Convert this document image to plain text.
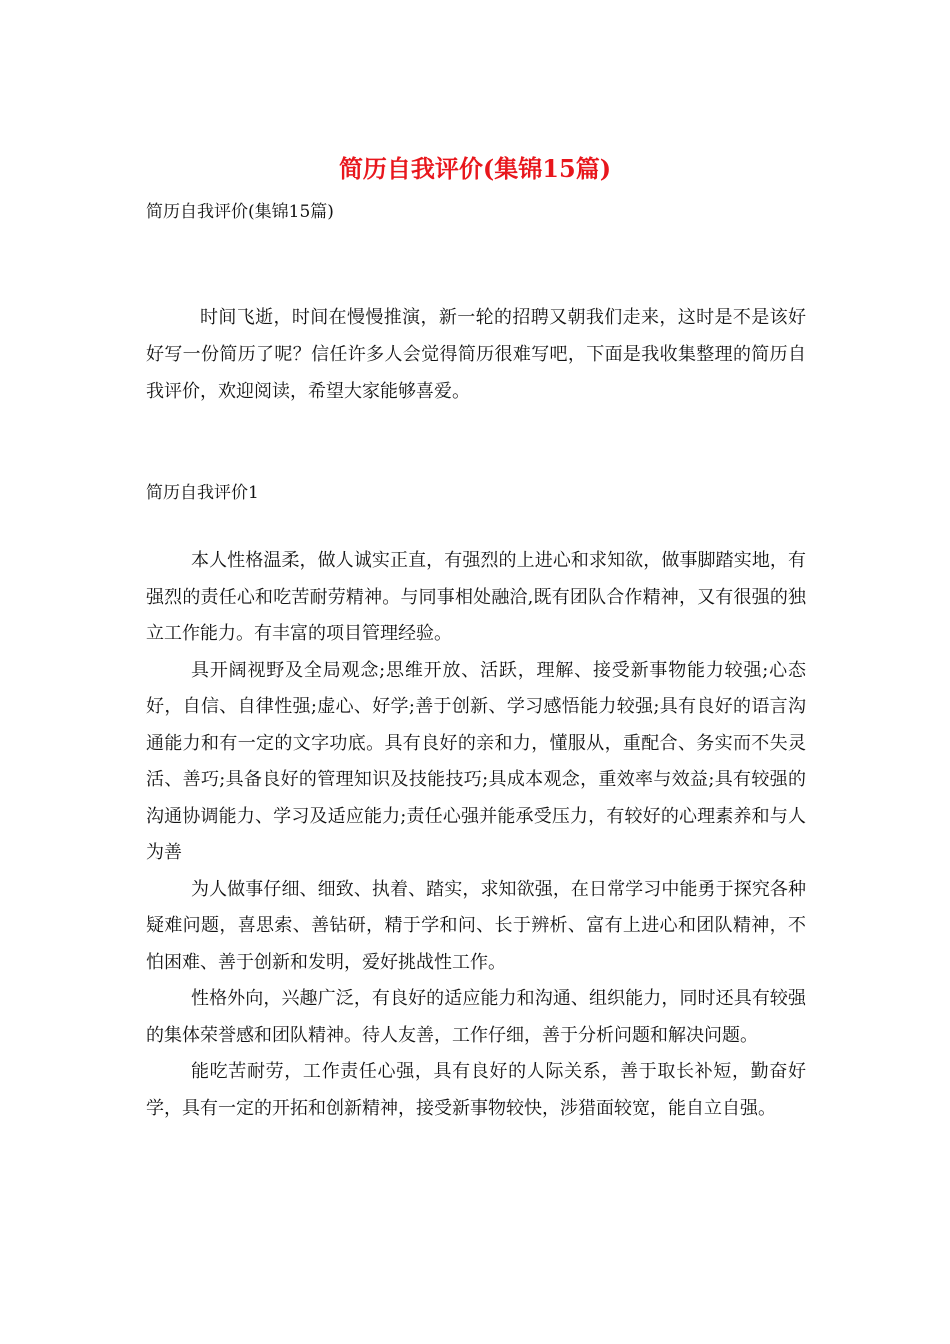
简历自我评价(集锦15篇)

简历自我评价(集锦15篇)

时间飞逝，时间在慢慢推演，新一轮的招聘又朝我们走来，这时是不是该好好写一份简历了呢？信任许多人会觉得简历很难写吧，下面是我收集整理的简历自我评价，欢迎阅读，希望大家能够喜爱。

简历自我评价1

本人性格温柔，做人诚实正直，有强烈的上进心和求知欲，做事脚踏实地，有强烈的责任心和吃苦耐劳精神。与同事相处融洽,既有团队合作精神，又有很强的独立工作能力。有丰富的项目管理经验。

具开阔视野及全局观念;思维开放、活跃，理解、接受新事物能力较强;心态好，自信、自律性强;虚心、好学;善于创新、学习感悟能力较强;具有良好的语言沟通能力和有一定的文字功底。具有良好的亲和力，懂服从，重配合、务实而不失灵活、善巧;具备良好的管理知识及技能技巧;具成本观念，重效率与效益;具有较强的沟通协调能力、学习及适应能力;责任心强并能承受压力，有较好的心理素养和与人为善

为人做事仔细、细致、执着、踏实，求知欲强，在日常学习中能勇于探究各种疑难问题，喜思索、善钻研，精于学和问、长于辨析、富有上进心和团队精神，不怕困难、善于创新和发明，爱好挑战性工作。

性格外向，兴趣广泛，有良好的适应能力和沟通、组织能力，同时还具有较强的集体荣誉感和团队精神。待人友善，工作仔细，善于分析问题和解决问题。

能吃苦耐劳，工作责任心强，具有良好的人际关系，善于取长补短，勤奋好学，具有一定的开拓和创新精神，接受新事物较快，涉猎面较宽，能自立自强。
